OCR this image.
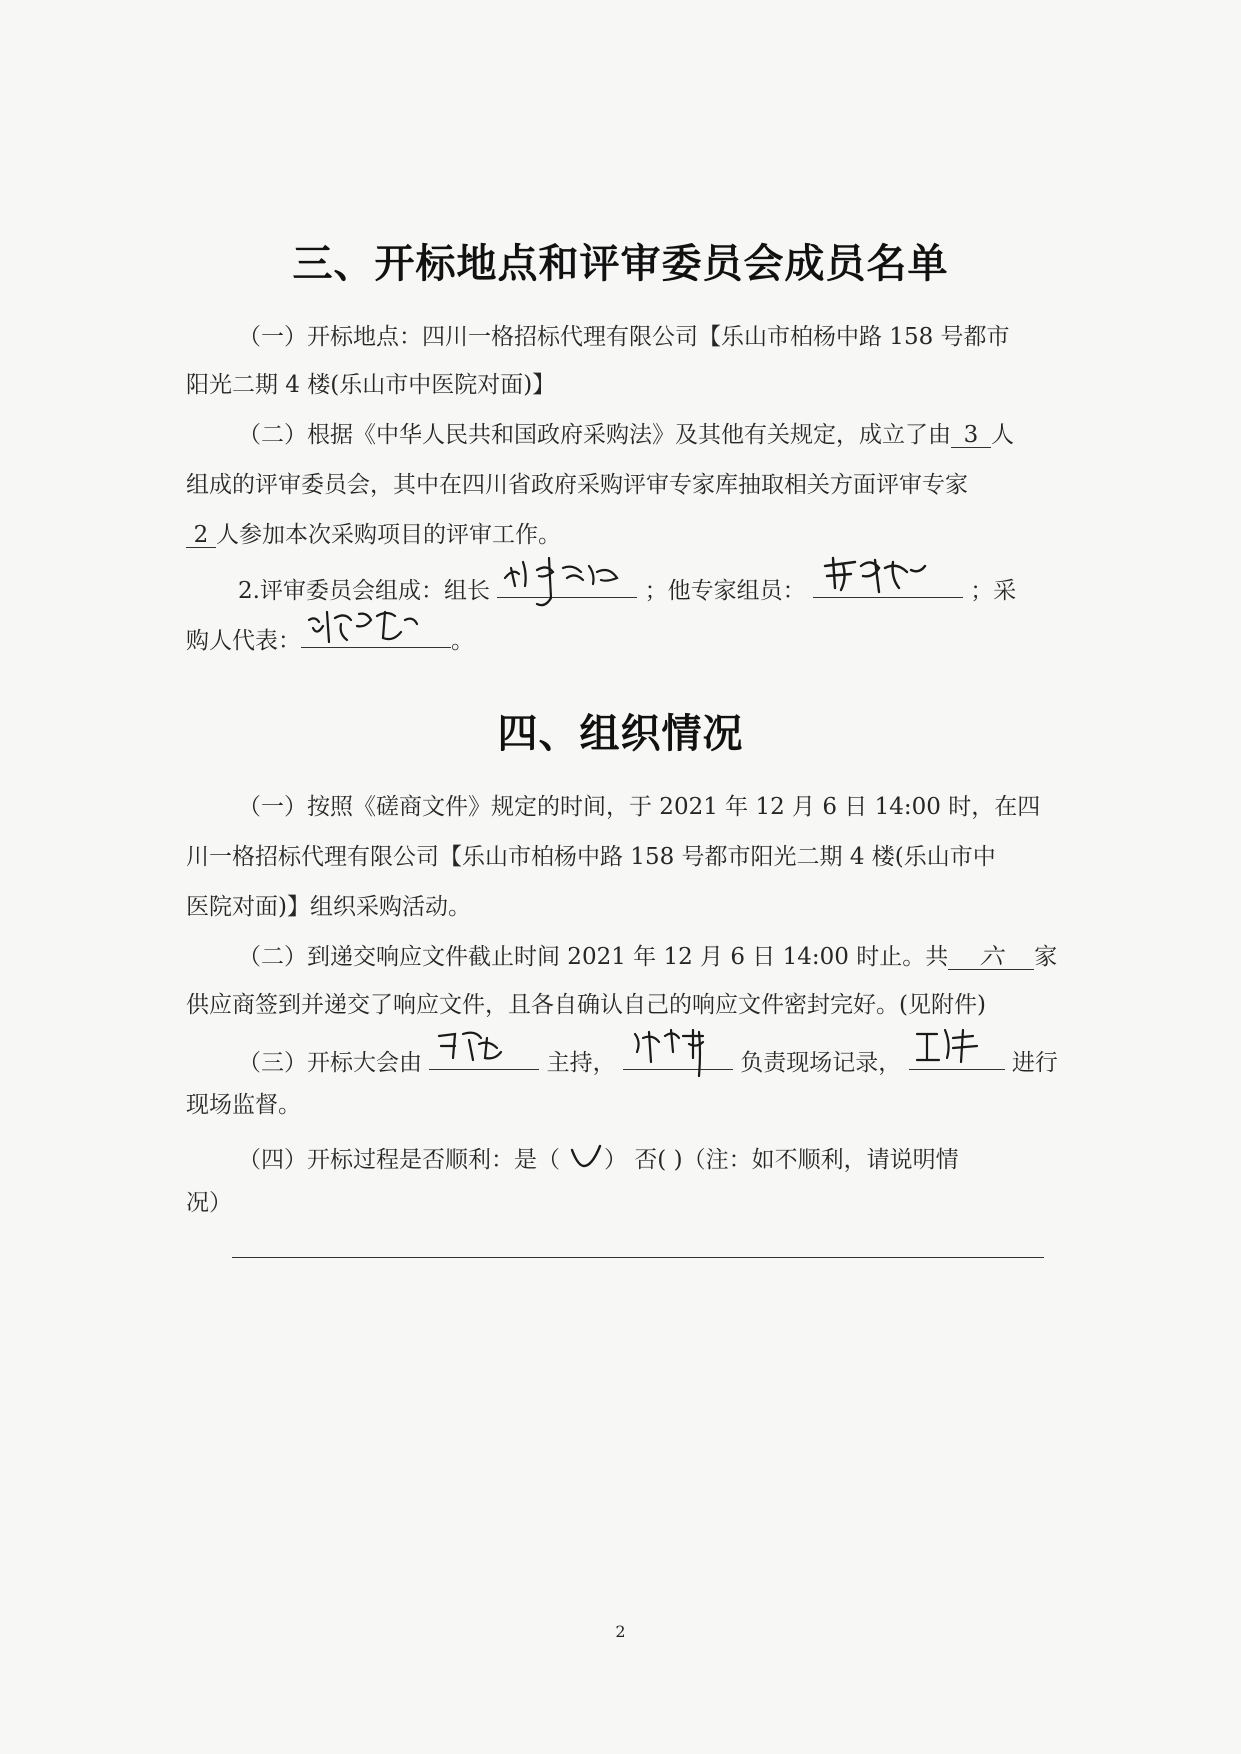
三、开标地点和评审委员会成员名单
（一）开标地点：四川一格招标代理有限公司【乐山市柏杨中路 158 号都市
阳光二期 4 楼(乐山市中医院对面)】
（二）根据《中华人民共和国政府采购法》及其他有关规定，成立了由 3 人
组成的评审委员会，其中在四川省政府采购评审专家库抽取相关方面评审专家
2 人参加本次采购项目的评审工作。
2.评审委员会组成：组长	；他专家组员：	；采
购人代表：	。
四、组织情况
（一）按照《磋商文件》规定的时间，于 2021 年 12 月 6 日 14:00 时，在四
川一格招标代理有限公司【乐山市柏杨中路 158 号都市阳光二期 4 楼(乐山市中
医院对面)】组织采购活动。
（二）到递交响应文件截止时间 2021 年 12 月 6 日 14:00 时止。共 六 家
供应商签到并递交了响应文件，且各自确认自己的响应文件密封完好。(见附件)
（三）开标大会由	主持，	负责现场记录，	进行
现场监督。
（四）开标过程是否顺利：是（ ） 否( )（注：如不顺利，请说明情
况）
2
